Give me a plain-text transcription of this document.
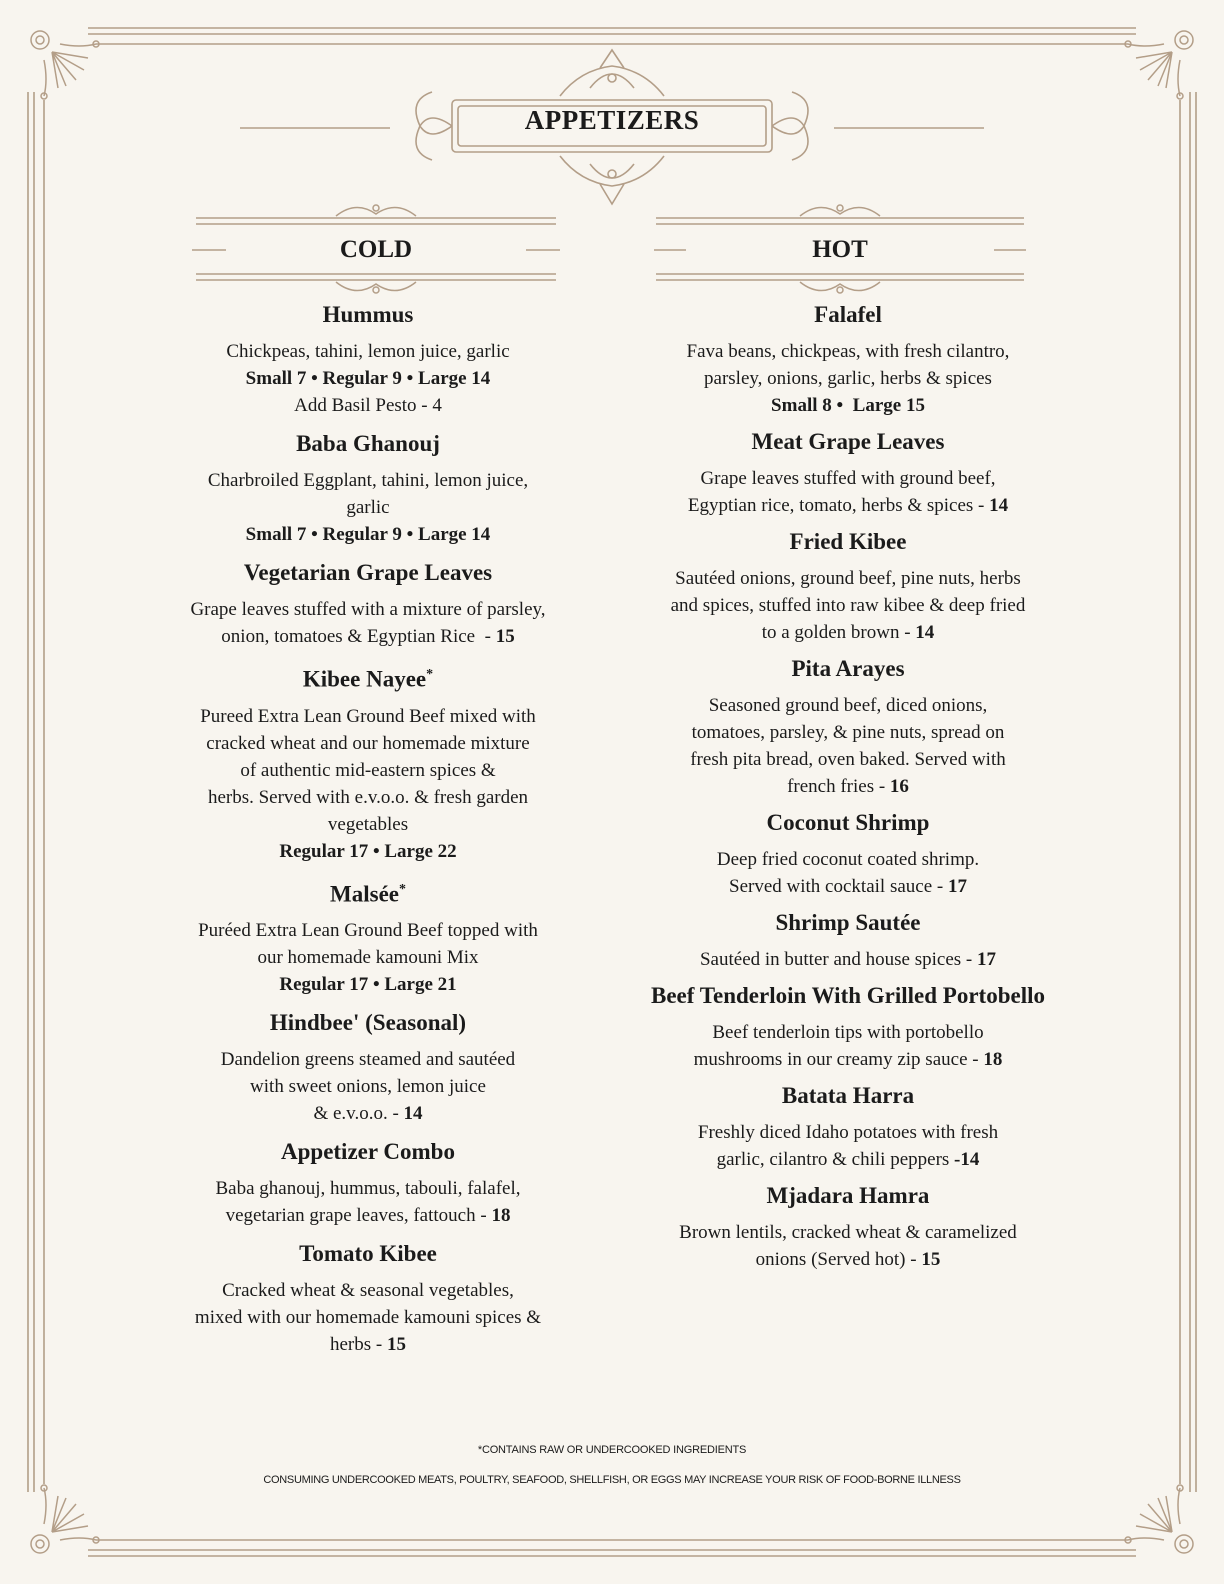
APPETIZERS
COLD	HOT
Hummus
Chickpeas, tahini, lemon juice, garlic
Small 7 • Regular 9 • Large 14
Add Basil Pesto - 4
Baba Ghanouj
Charbroiled Eggplant, tahini, lemon juice,
garlic
Small 7 • Regular 9 • Large 14
Vegetarian Grape Leaves
Grape leaves stuffed with a mixture of parsley,
onion, tomatoes & Egyptian Rice  - 15
Kibee Nayee*
Pureed Extra Lean Ground Beef mixed with
cracked wheat and our homemade mixture
of authentic mid-eastern spices &
herbs. Served with e.v.o.o. & fresh garden
vegetables
Regular 17 • Large 22
Malsée*
Puréed Extra Lean Ground Beef topped with
our homemade kamouni Mix
Regular 17 • Large 21
Hindbee' (Seasonal)
Dandelion greens steamed and sautéed
with sweet onions, lemon juice
& e.v.o.o. - 14
Appetizer Combo
Baba ghanouj, hummus, tabouli, falafel,
vegetarian grape leaves, fattouch - 18
Tomato Kibee
Cracked wheat & seasonal vegetables,
mixed with our homemade kamouni spices &
herbs - 15
Falafel
Fava beans, chickpeas, with fresh cilantro,
parsley, onions, garlic, herbs & spices
Small 8 •  Large 15
Meat Grape Leaves
Grape leaves stuffed with ground beef,
Egyptian rice, tomato, herbs & spices - 14
Fried Kibee
Sautéed onions, ground beef, pine nuts, herbs
and spices, stuffed into raw kibee & deep fried
to a golden brown - 14
Pita Arayes
Seasoned ground beef, diced onions,
tomatoes, parsley, & pine nuts, spread on
fresh pita bread, oven baked. Served with
french fries - 16
Coconut Shrimp
Deep fried coconut coated shrimp.
Served with cocktail sauce - 17
Shrimp Sautée
Sautéed in butter and house spices - 17
Beef Tenderloin With Grilled Portobello
Beef tenderloin tips with portobello
mushrooms in our creamy zip sauce - 18
Batata Harra
Freshly diced Idaho potatoes with fresh
garlic, cilantro & chili peppers -14
Mjadara Hamra
Brown lentils, cracked wheat & caramelized
onions (Served hot) - 15
*CONTAINS RAW OR UNDERCOOKED INGREDIENTS
CONSUMING UNDERCOOKED MEATS, POULTRY, SEAFOOD, SHELLFISH, OR EGGS MAY INCREASE YOUR RISK OF FOOD-BORNE ILLNESS
